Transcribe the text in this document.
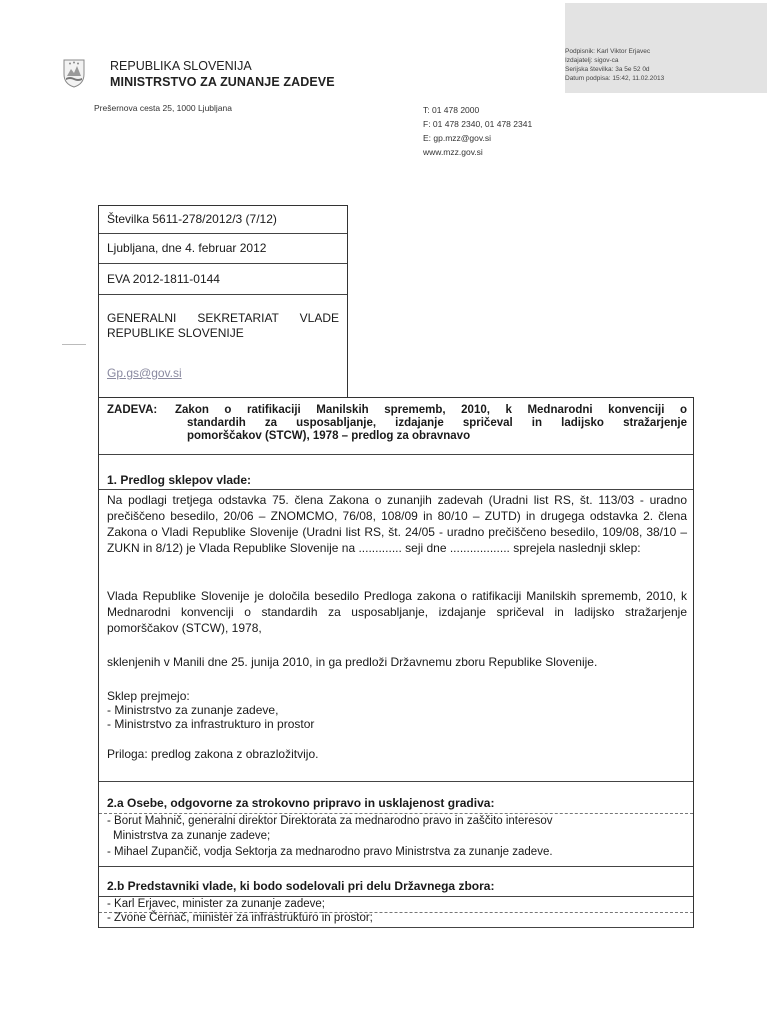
Podpisnik: Karl Viktor Erjavec
Izdajatelj: sigov-ca
Serijska številka: 3a 5e 52 0d
Datum podpisa: 15:42, 11.02.2013
REPUBLIKA SLOVENIJA
MINISTRSTVO ZA ZUNANJE ZADEVE
Prešernova cesta 25, 1000 Ljubljana	T: 01 478 2000
F: 01 478 2340, 01 478 2341
E: gp.mzz@gov.si
www.mzz.gov.si
Številka 5611-278/2012/3 (7/12)
Ljubljana, dne 4. februar 2012
EVA 2012-1811-0144
GENERALNI SEKRETARIAT VLADE
REPUBLIKE SLOVENIJE
Gp.gs@gov.si
ZADEVA: Zakon o ratifikaciji Manilskih sprememb, 2010, k Mednarodni konvenciji o
standardih za usposabljanje, izdajanje spričeval in ladijsko stražarjenje
pomorščakov (STCW), 1978 – predlog za obravnavo
1. Predlog sklepov vlade:
Na podlagi tretjega odstavka 75. člena Zakona o zunanjih zadevah (Uradni list RS, št. 113/03 - uradno prečiščeno besedilo, 20/06 – ZNOMCMO, 76/08, 108/09 in 80/10 – ZUTD) in drugega odstavka 2. člena Zakona o Vladi Republike Slovenije (Uradni list RS, št. 24/05 - uradno prečiščeno besedilo, 109/08, 38/10 – ZUKN in 8/12) je Vlada Republike Slovenije na ............. seji dne .................. sprejela naslednji sklep:
Vlada Republike Slovenije je določila besedilo Predloga zakona o ratifikaciji Manilskih sprememb, 2010, k Mednarodni konvenciji o standardih za usposabljanje, izdajanje spričeval in ladijsko stražarjenje pomorščakov (STCW), 1978,
sklenjenih v Manili dne 25. junija 2010, in ga predloži Državnemu zboru Republike Slovenije.
Sklep prejmejo:
- Ministrstvo za zunanje zadeve,
- Ministrstvo za infrastrukturo in prostor
Priloga: predlog zakona z obrazložitvijo.
2.a Osebe, odgovorne za strokovno pripravo in usklajenost gradiva:
- Borut Mahnič, generalni direktor Direktorata za mednarodno pravo in zaščito interesov
Ministrstva za zunanje zadeve;
- Mihael Zupančič, vodja Sektorja za mednarodno pravo Ministrstva za zunanje zadeve.
2.b Predstavniki vlade, ki bodo sodelovali pri delu Državnega zbora:
- Karl Erjavec, minister za zunanje zadeve;
- Zvone Černač, minister za infrastrukturo in prostor;
